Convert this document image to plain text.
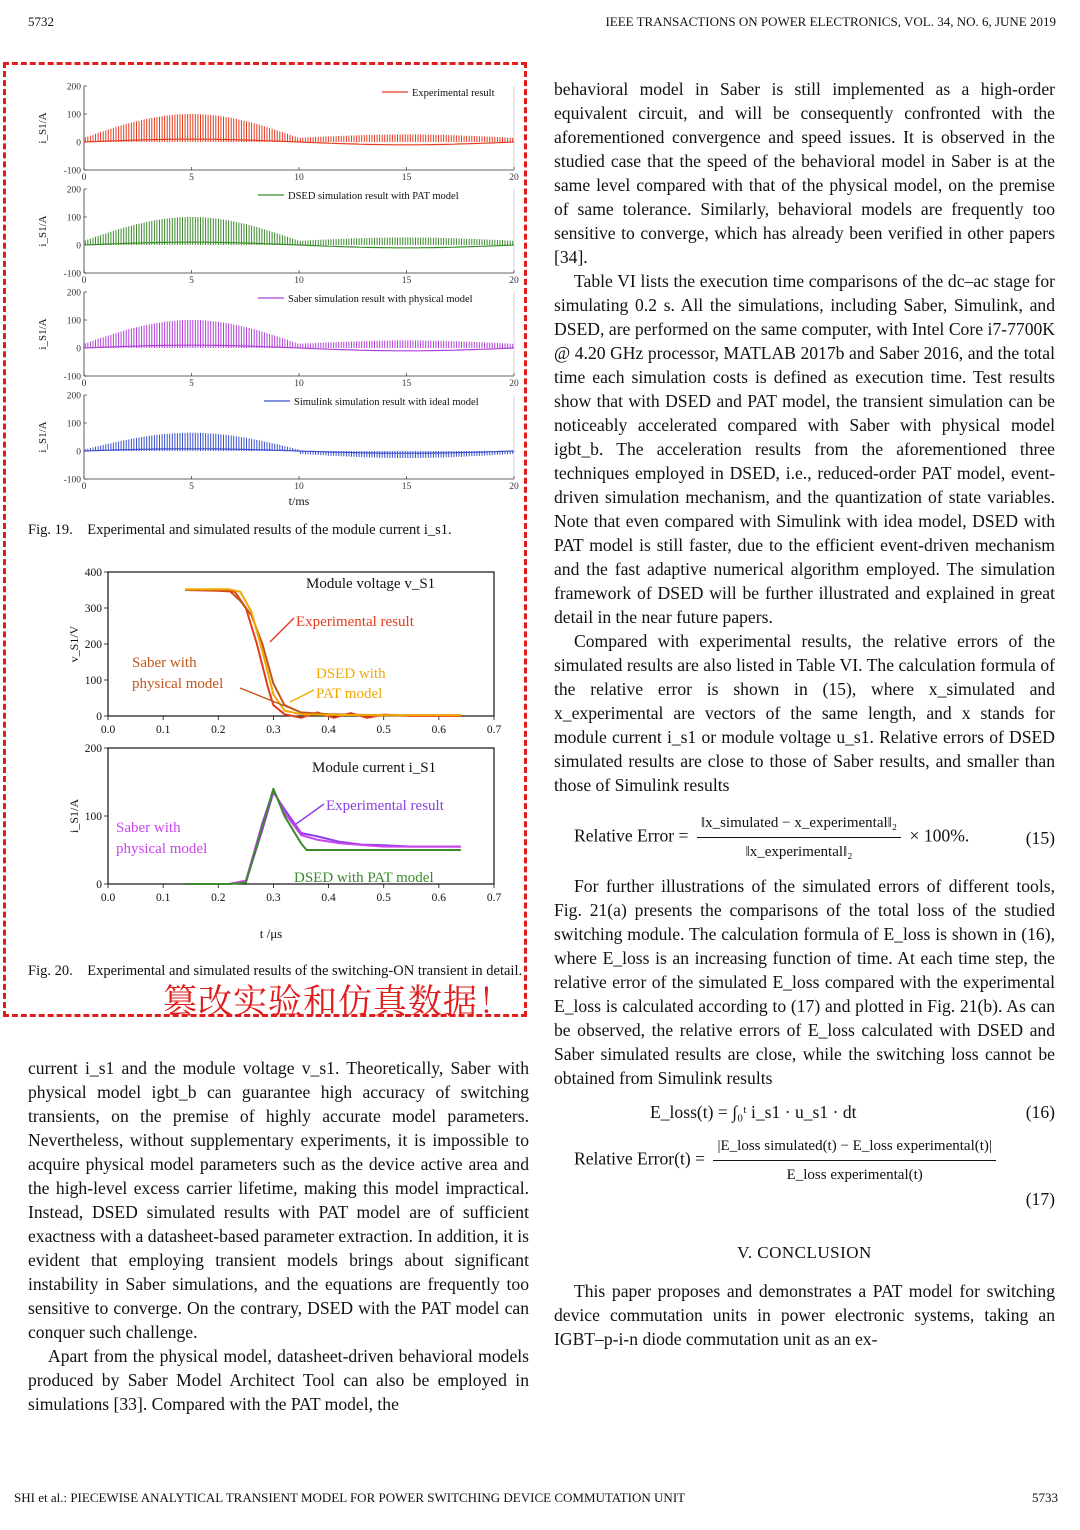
5732	IEEE TRANSACTIONS ON POWER ELECTRONICS, VOL. 34, NO. 6, JUNE 2019
-100
0
100
200
0	5	10	15	20
i_S1/A
Experimental result
-100
0
100
200
0	5	10	15	20
i_S1/A
DSED simulation result with PAT model
-100
0
100
200
0	5	10	15	20
i_S1/A
Saber simulation result with physical model
-100
0
100
200
0	5	10	15	20
i_S1/A
Simulink simulation result with ideal model
t/ms
Fig. 19. Experimental and simulated results of the module current i_s1.
0
100
200
300
400
0.0	0.1	0.2	0.3	0.4	0.5	0.6	0.7
v_S1/V
Module voltage v_S1
0
100
200
0.0	0.1	0.2	0.3	0.4	0.5	0.6	0.7
i_S1/A
Module current i_S1
Experimental result
Saber with
physical model
DSED with
PAT model
Experimental result
Saber with
physical model
DSED with PAT model
t /μs
Fig. 20. Experimental and simulated results of the switching-ON transient in detail.
篡改实验和仿真数据！

current i_s1 and the module voltage v_s1. Theoretically, Saber with physical model igbt_b can guarantee high accuracy of switching transients, on the premise of highly accurate model parameters. Nevertheless, without supplementary experiments, it is impossible to acquire physical model parameters such as the device active area and the high-level excess carrier lifetime, making this model impractical. Instead, DSED simulated results with PAT model are of sufficient exactness with a datasheet-based parameter extraction. In addition, it is evident that employing transient models brings about significant instability in Saber simulations, and the equations are frequently too sensitive to converge. On the contrary, DSED with the PAT model can conquer such challenge.

Apart from the physical model, datasheet-driven behavioral models produced by Saber Model Architect Tool can also be employed in simulations [33]. Compared with the PAT model, the

behavioral model in Saber is still implemented as a high-order equivalent circuit, and will be consequently confronted with the aforementioned convergence and speed issues. It is observed in the studied case that the speed of the behavioral model in Saber is at the same level compared with that of the physical model, on the premise of same tolerance. Similarly, behavioral models are frequently too sensitive to converge, which has already been verified in other papers [34].

Table VI lists the execution time comparisons of the dc–ac stage for simulating 0.2 s. All the simulations, including Saber, Simulink, and DSED, are performed on the same computer, with Intel Core i7-7700K @ 4.20 GHz processor, MATLAB 2017b and Saber 2016, and the total time each simulation costs is defined as execution time. Test results show that with DSED and PAT model, the transient simulation can be noticeably accelerated compared with Saber with physical model igbt_b. The acceleration results from the aforementioned three techniques employed in DSED, i.e., reduced-order PAT model, event-driven simulation mechanism, and the quantization of state variables. Note that even compared with Simulink with idea model, DSED with PAT model is still faster, due to the efficient event-driven mechanism and the fast adaptive numerical algorithm employed. The simulation framework of DSED will be further illustrated and explained in great detail in the near future papers.

Compared with experimental results, the relative errors of the simulated results are also listed in Table VI. The calculation formula of the relative error is shown in (15), where x_simulated and x_experimental are vectors of the same length, and x stands for module current i_s1 or module voltage u_s1. Relative errors of DSED simulated results are close to those of Saber results, and smaller than those of Simulink results

Relative Error = $\frac{\text{‖x\_simulated − x\_experimental‖₂}}{\text{‖x\_experimental‖₂}} \times 100\%$.	(15)

For further illustrations of the simulated errors of different tools, Fig. 21(a) presents the comparisons of the total loss of the studied switching module. The calculation formula of E_loss is shown in (16), where E_loss is an increasing function of time. At each time step, the relative error of the simulated E_loss compared with the experimental E_loss is calculated according to (17) and plotted in Fig. 21(b). As can be observed, the relative errors of E_loss calculated with DSED and Saber simulated results are close, while the switching loss cannot be obtained from Simulink results

E_loss(t) = ∫₀ᵗ i_s1 · u_s1 · dt	(16)
Relative Error(t) = $\frac{\text{|E\_loss simulated(t) − E\_loss experimental(t)|}}{\text{E\_loss experimental(t)}}$
(17)
V. CONCLUSION

This paper proposes and demonstrates a PAT model for switching device commutation units in power electronic systems, taking an IGBT–p-i-n diode commutation unit as an ex-

SHI et al.: PIECEWISE ANALYTICAL TRANSIENT MODEL FOR POWER SWITCHING DEVICE COMMUTATION UNIT	5733
